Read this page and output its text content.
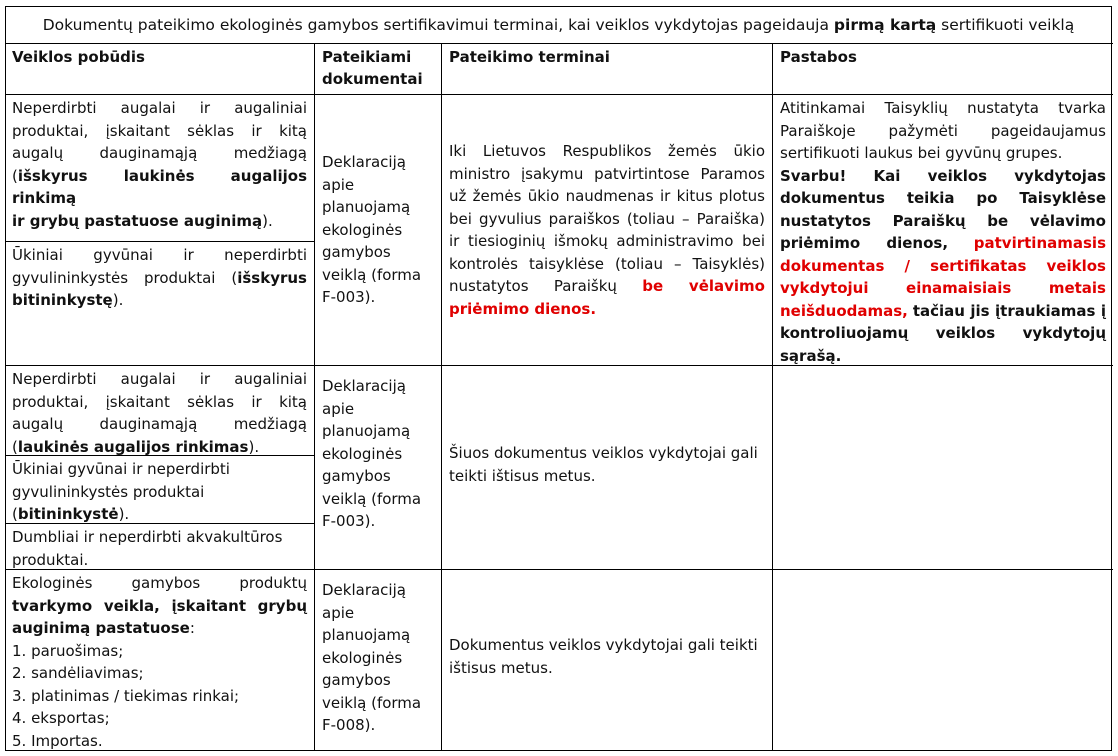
Dokumentų pateikimo ekologinės gamybos sertifikavimui terminai, kai veiklos vykdytojas pageidauja pirmą kartą sertifikuoti veiklą
Veiklos pobūdis	Pateikiami
dokumentai
Pateikimo terminai	Pastabos
Neperdirbti augalai ir augaliniai
produktai, įskaitant sėklas ir kitą
augalų dauginamąją medžiagą
(išskyrus laukinės augalijos rinkimą
ir grybų pastatuose auginimą).
Ūkiniai gyvūnai ir neperdirbti
gyvulininkystės produktai (išskyrus
bitininkystę).
Deklaraciją
apie
planuojamą
ekologinės
gamybos
veiklą (forma
F-003).
Iki Lietuvos Respublikos žemės ūkio
ministro įsakymu patvirtintose Paramos
už žemės ūkio naudmenas ir kitus plotus
bei gyvulius paraiškos (toliau – Paraiška)
ir tiesioginių išmokų administravimo bei
kontrolės taisyklėse (toliau – Taisyklės)
nustatytos Paraiškų be vėlavimo
priėmimo dienos.
Atitinkamai Taisyklių nustatyta tvarka
Paraiškoje pažymėti pageidaujamus
sertifikuoti laukus bei gyvūnų grupes.
Svarbu! Kai veiklos vykdytojas
dokumentus teikia po Taisyklėse
nustatytos Paraiškų be vėlavimo
priėmimo dienos, patvirtinamasis
dokumentas / sertifikatas veiklos
vykdytojui einamaisiais metais
neišduodamas, tačiau jis įtraukiamas į
kontroliuojamų veiklos vykdytojų
sąrašą.
Neperdirbti augalai ir augaliniai
produktai, įskaitant sėklas ir kitą
augalų dauginamąją medžiagą
(laukinės augalijos rinkimas).
Ūkiniai gyvūnai ir neperdirbti
gyvulininkystės produktai
(bitininkystė).
Dumbliai ir neperdirbti akvakultūros
produktai.
Deklaraciją
apie
planuojamą
ekologinės
gamybos
veiklą (forma
F-003).
Šiuos dokumentus veiklos vykdytojai gali
teikti ištisus metus.
Ekologinės gamybos produktų
tvarkymo veikla, įskaitant grybų
auginimą pastatuose:
1. paruošimas;
2. sandėliavimas;
3. platinimas / tiekimas rinkai;
4. eksportas;
5. Importas.
Deklaraciją
apie
planuojamą
ekologinės
gamybos
veiklą (forma
F-008).
Dokumentus veiklos vykdytojai gali teikti
ištisus metus.
